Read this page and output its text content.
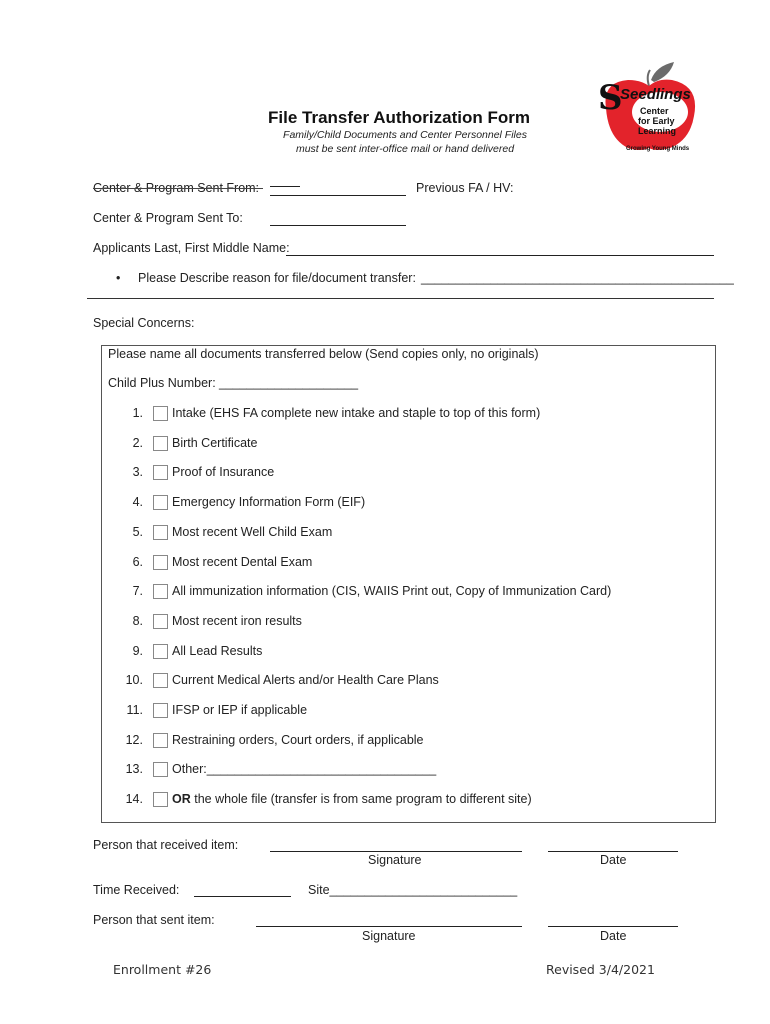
File Transfer Authorization Form
Family/Child Documents and Center Personnel Files
must be sent inter-office mail or hand delivered
S
Seedlings
Center
for Early
Learning
Growing Young Minds
Center & Program Sent From:	Previous FA / HV:
Center & Program Sent To:
Applicants Last, First Middle Name:
• Please Describe reason for file/document transfer: _____________________________________________
Special Concerns:
Please name all documents transferred below (Send copies only, no originals)
Child Plus Number: ____________________
1. Intake (EHS FA complete new intake and staple to top of this form)
2. Birth Certificate
3. Proof of Insurance
4. Emergency Information Form (EIF)
5. Most recent Well Child Exam
6. Most recent Dental Exam
7. All immunization information (CIS, WAIIS Print out, Copy of Immunization Card)
8. Most recent iron results
9. All Lead Results
10. Current Medical Alerts and/or Health Care Plans
11. IFSP or IEP if applicable
12. Restraining orders, Court orders, if applicable
13. Other:_________________________________
14. OR the whole file (transfer is from same program to different site)
Person that received item:
Signature	Date
Time Received:	Site___________________________
Person that sent item:
Signature	Date
Enrollment #26	Revised 3/4/2021
